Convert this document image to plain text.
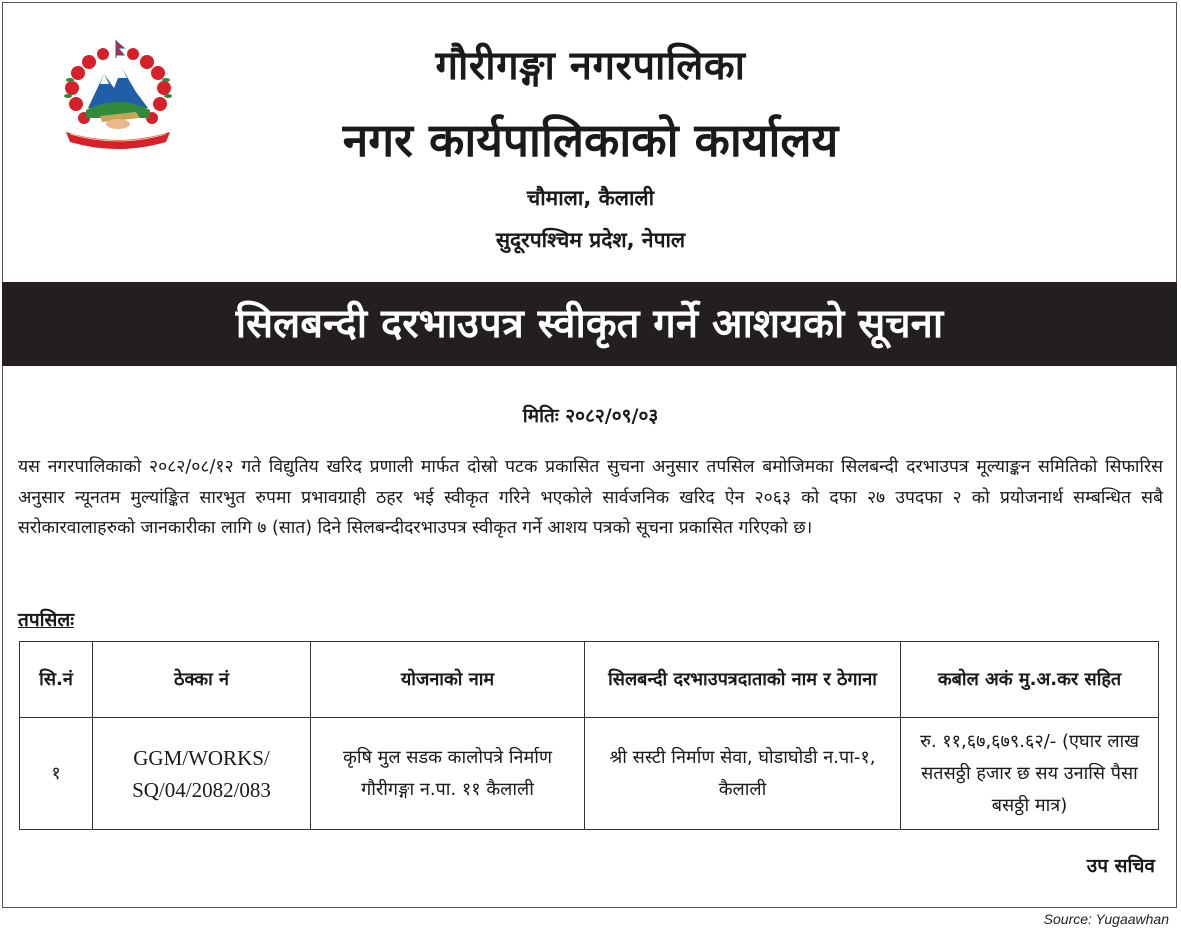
गौरीगङ्गा नगरपालिका
नगर कार्यपालिकाको कार्यालय
चौमाला, कैलाली
सुदूरपश्चिम प्रदेश, नेपाल
सिलबन्दी दरभाउपत्र स्वीकृत गर्ने आशयको सूचना
मितिः २०८२/०९/०३
यस नगरपालिकाको २०८२/०८/१२ गते विद्युतिय खरिद प्रणाली मार्फत दोस्रो पटक प्रकासित सुचना अनुसार तपसिल बमोजिमका सिलबन्दी दरभाउपत्र मूल्याङ्कन समितिको सिफारिस अनुसार न्यूनतम मुल्यांङ्कित सारभुत रुपमा प्रभावग्राही ठहर भई स्वीकृत गरिने भएकोले सार्वजनिक खरिद ऐन २०६३ को दफा २७ उपदफा २ को प्रयोजनार्थ सम्बन्धित सबै सरोकारवालाहरुको जानकारीका लागि ७ (सात) दिने सिलबन्दीदरभाउपत्र स्वीकृत गर्ने आशय पत्रको सूचना प्रकासित गरिएको छ।
तपसिलः
सि.नं	ठेक्का नं	योजनाको नाम	सिलबन्दी दरभाउपत्रदाताको नाम र ठेगाना	कबोल अकं मु.अ.कर सहित
१	GGM/WORKS/ SQ/04/2082/083	कृषि मुल सडक कालोपत्रे निर्माण गौरीगङ्गा न.पा. ११ कैलाली	श्री सस्टी निर्माण सेवा, घोडाघोडी न.पा-१, कैलाली	रु. ११,६७,६७९.६२/- (एघार लाख सतसठ्ठी हजार छ सय उनासि पैसा बसठ्ठी मात्र)
उप सचिव
Source: Yugaawhan
